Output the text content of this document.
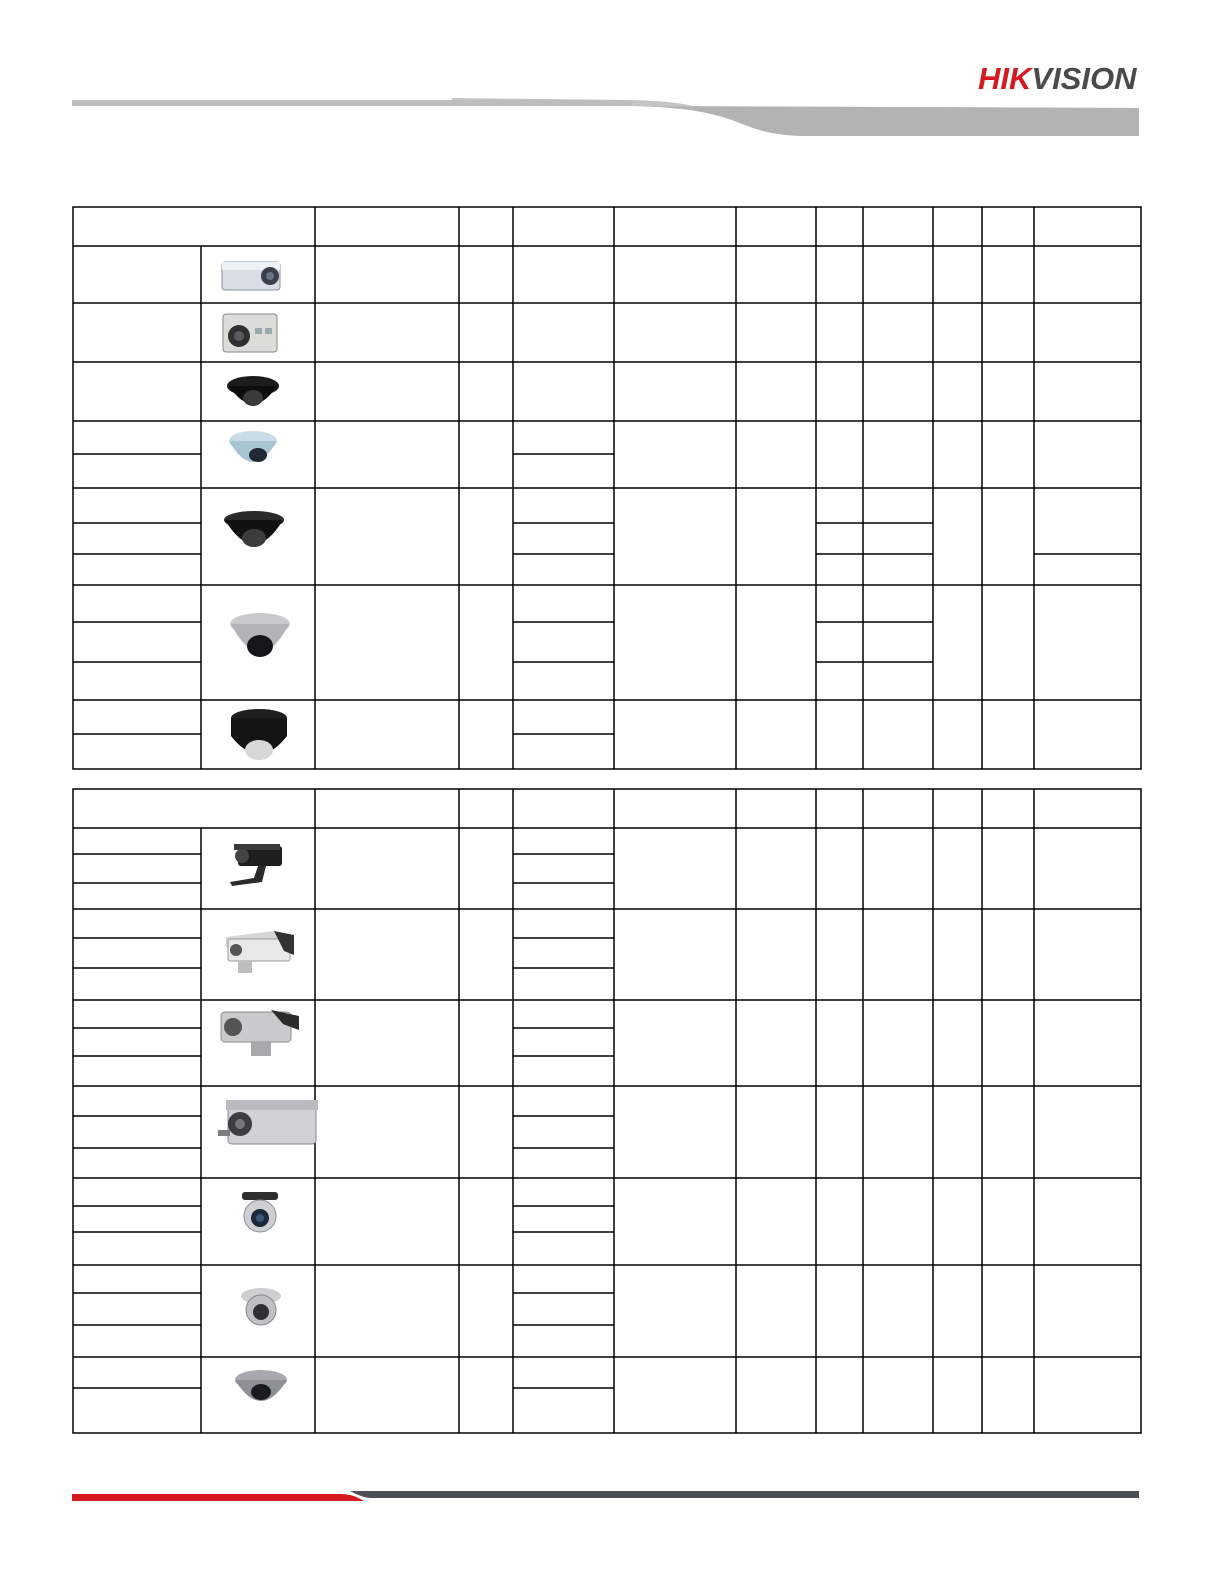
HIKVISION
